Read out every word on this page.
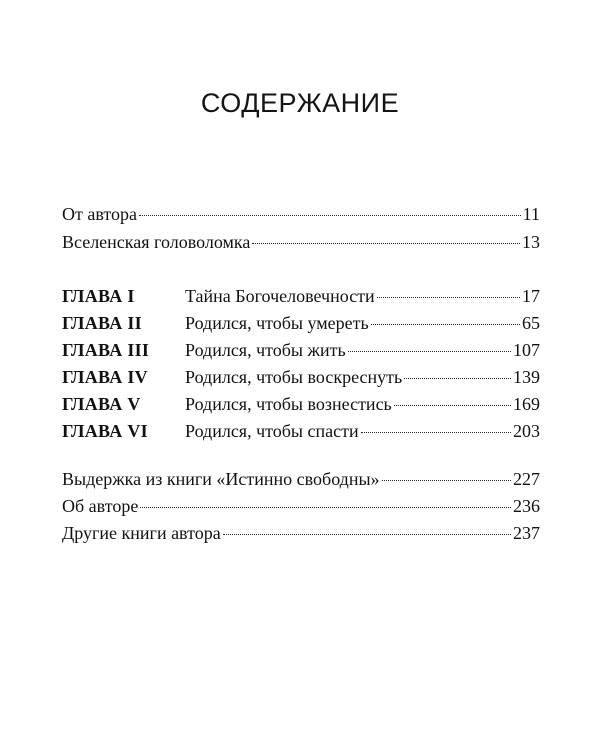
СОДЕРЖАНИЕ
От автора	11
Вселенская головоломка	13
ГЛАВА I	Тайна Богочеловечности	17
ГЛАВА II	Родился, чтобы умереть	65
ГЛАВА III	Родился, чтобы жить	107
ГЛАВА IV	Родился, чтобы воскреснуть	139
ГЛАВА V	Родился, чтобы вознестись	169
ГЛАВА VI	Родился, чтобы спасти	203
Выдержка из книги «Истинно свободны»	227
Об авторе	236
Другие книги автора	237
